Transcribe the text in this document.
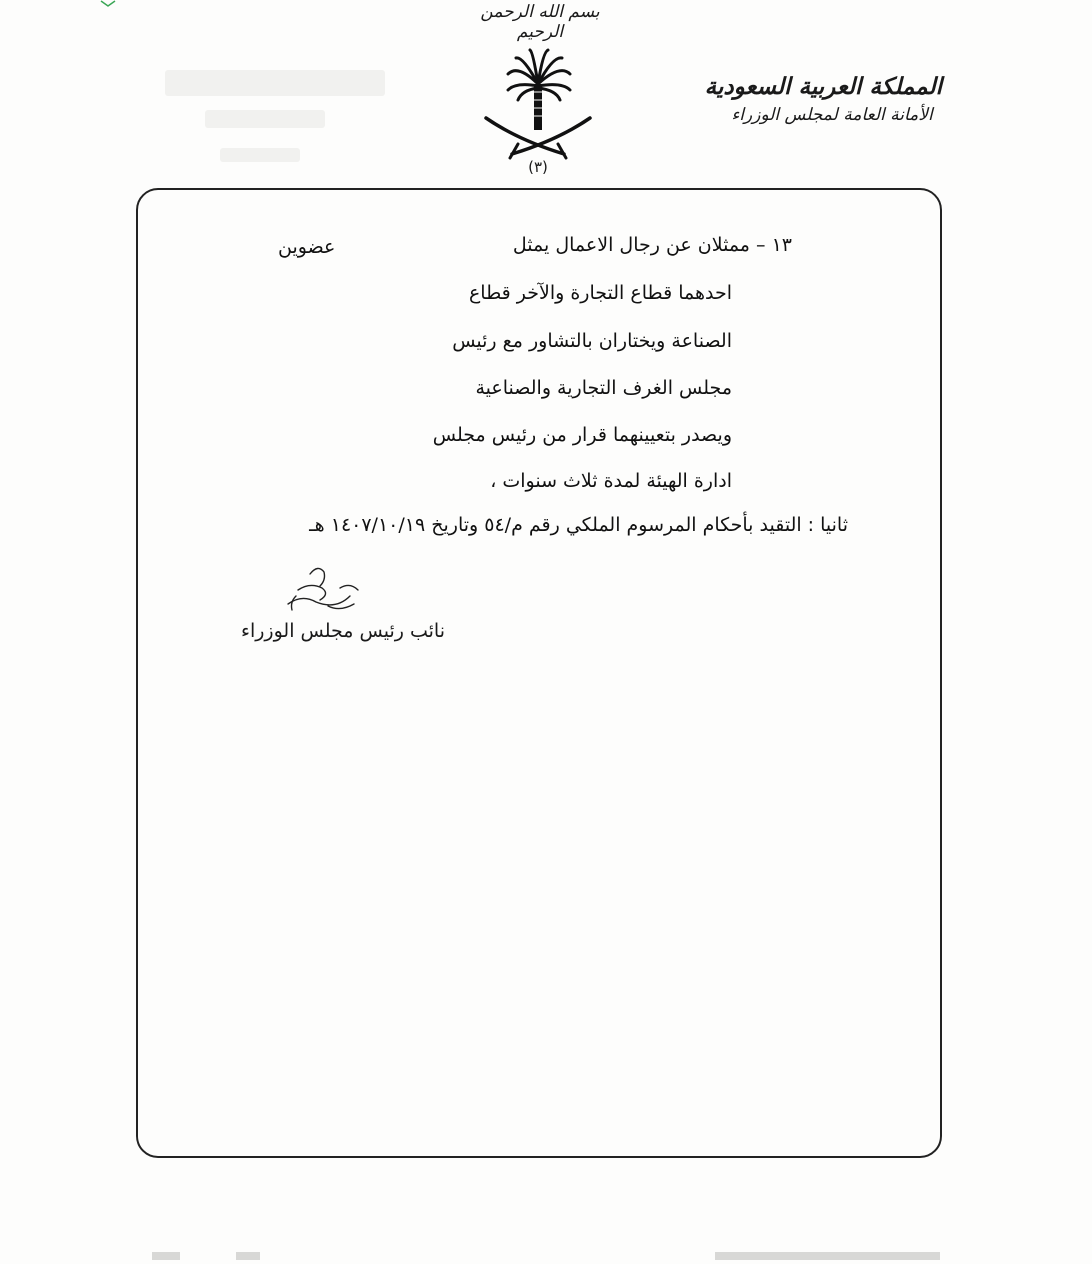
بسم الله الرحمن الرحيم
(٣)
المملكة العربية السعودية
الأمانة العامة لمجلس الوزراء
١٣ – ممثلان عن رجال الاعمال يمثل
عضوين
احدهما قطاع التجارة والآخر قطاع
الصناعة ويختاران بالتشاور مع رئيس
مجلس الغرف التجارية والصناعية
ويصدر بتعيينهما قرار من رئيس مجلس
ادارة الهيئة لمدة ثلاث سنوات ،
ثانيا : التقيد بأحكام المرسوم الملكي رقم م/٥٤ وتاريخ ١٤٠٧/١٠/١٩ هـ
نائب رئيس مجلس الوزراء
